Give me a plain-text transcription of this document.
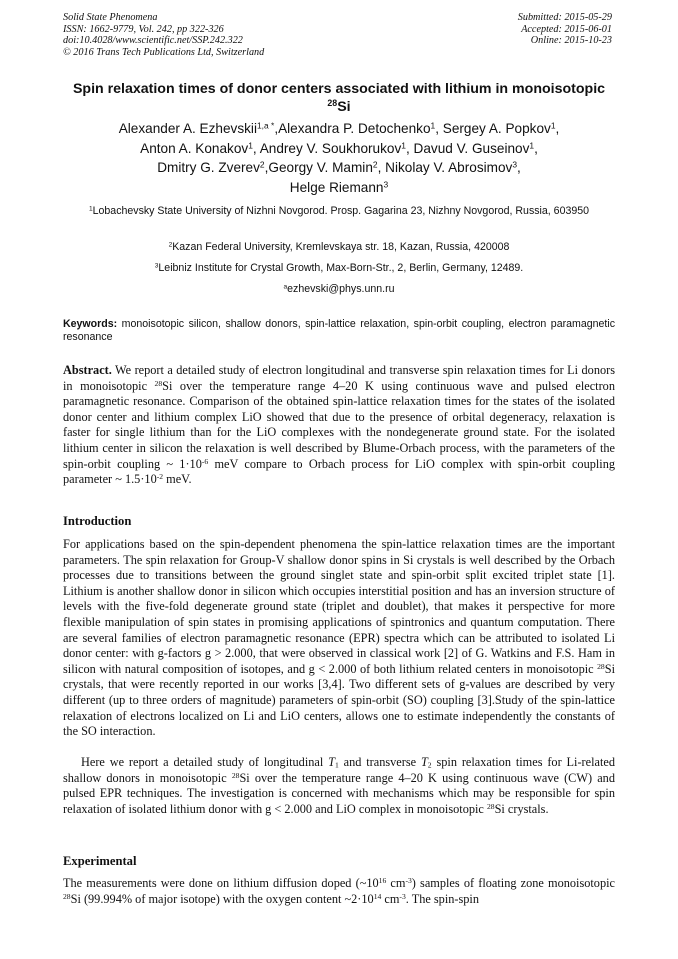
Solid State Phenomena
ISSN: 1662-9779, Vol. 242, pp 322-326
doi:10.4028/www.scientific.net/SSP.242.322
© 2016 Trans Tech Publications Ltd, Switzerland
Submitted: 2015-05-29
Accepted: 2015-06-01
Online: 2015-10-23
Spin relaxation times of donor centers associated with lithium in monoisotopic $^{28}$Si
Alexander A. Ezhevskii$^{1,a *}$,Alexandra P. Detochenko$^1$, Sergey A. Popkov$^1$,
Anton A. Konakov$^1$, Andrey V. Soukhorukov$^1$, Davud V. Guseinov$^1$,
Dmitry G. Zverev$^2$,Georgy V. Mamin$^2$, Nikolay V. Abrosimov$^3$,
Helge Riemann$^3$
$^1$Lobachevsky State University of Nizhni Novgorod. Prosp. Gagarina 23, Nizhny Novgorod, Russia, 603950
$^2$Kazan Federal University, Kremlevskaya str. 18, Kazan, Russia, 420008
$^3$Leibniz Institute for Crystal Growth, Max-Born-Str., 2, Berlin, Germany, 12489.
$^a$ezhevski@phys.unn.ru
Keywords: monoisotopic silicon, shallow donors, spin-lattice relaxation, spin-orbit coupling, electron paramagnetic resonance
Abstract. We report a detailed study of electron longitudinal and transverse spin relaxation times for Li donors in monoisotopic $^{28}$Si over the temperature range 4–20 K using continuous wave and pulsed electron paramagnetic resonance. Comparison of the obtained spin-lattice relaxation times for the states of the isolated donor center and lithium complex LiO showed that due to the presence of orbital degeneracy, relaxation is faster for single lithium than for the LiO complexes with the nondegenerate ground state. For the isolated lithium center in silicon the relaxation is well described by Blume-Orbach process, with the parameters of the spin-orbit coupling ~ $1\cdot 10^{-6}$ meV compare to Orbach process for LiO complex with spin-orbit coupling parameter ~ $1.5\cdot 10^{-2}$ meV.
Introduction
For applications based on the spin-dependent phenomena the spin-lattice relaxation times are the important parameters. The spin relaxation for Group-V shallow donor spins in Si crystals is well described by the Orbach processes due to transitions between the ground singlet state and spin-orbit split excited triplet state [1]. Lithium is another shallow donor in silicon which occupies interstitial position and has an inversion structure of levels with the five-fold degenerate ground state (triplet and doublet), that makes it perspective for more flexible manipulation of spin states in promising applications of spintronics and quantum computation. There are several families of electron paramagnetic resonance (EPR) spectra which can be attributed to isolated Li donor center: with g-factors g > 2.000, that were observed in classical work [2] of G. Watkins and F.S. Ham in silicon with natural composition of isotopes, and g < 2.000 of both lithium related centers in monoisotopic $^{28}$Si crystals, that were recently reported in our works [3,4]. Two different sets of g-values are described by very different (up to three orders of magnitude) parameters of spin-orbit (SO) coupling [3].Study of the spin-lattice relaxation of electrons localized on Li and LiO centers, allows one to estimate independently the constants of the SO interaction.
Here we report a detailed study of longitudinal $T_1$ and transverse $T_2$ spin relaxation times for Li-related shallow donors in monoisotopic $^{28}$Si over the temperature range 4–20 K using continuous wave (CW) and pulsed EPR techniques. The investigation is concerned with mechanisms which may be responsible for spin relaxation of isolated lithium donor with g < 2.000 and LiO complex in monoisotopic $^{28}$Si crystals.
Experimental
The measurements were done on lithium diffusion doped ($\sim 10^{16}$ $cm^{-3}$) samples of floating zone monoisotopic $^{28}$Si (99.994% of major isotope) with the oxygen content $\sim 2\cdot 10^{14}$ $cm^{-3}$. The spin-spin
